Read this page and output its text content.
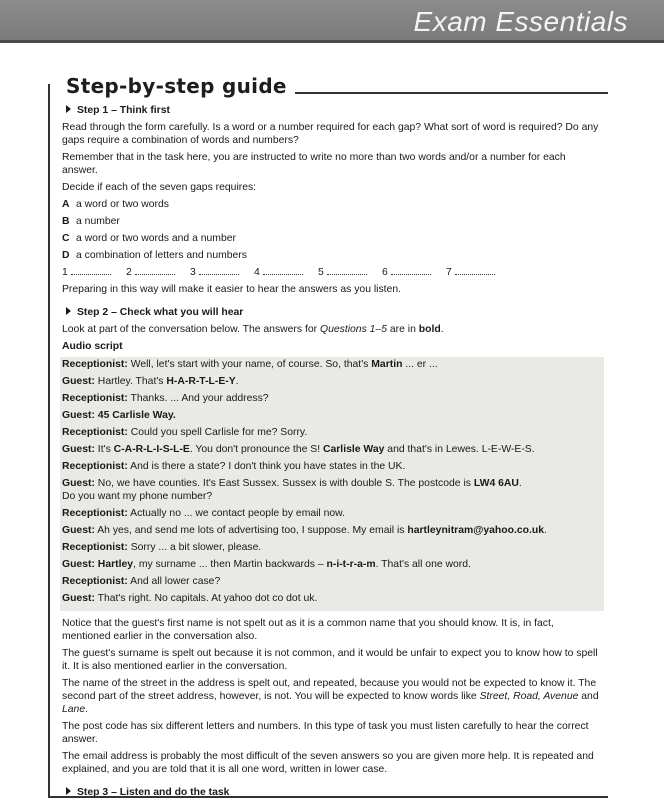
Exam Essentials
Step-by-step guide

Step 1 – Think first

Read through the form carefully. Is a word or a number required for each gap? What sort of word is required? Do any gaps require a combination of words and numbers?

Remember that in the task here, you are instructed to write no more than two words and/or a number for each answer.

Decide if each of the seven gaps requires:

A a word or two words
B a number
C a word or two words and a number
D a combination of letters and numbers
1	2	3	4	5	6	7

Preparing in this way will make it easier to hear the answers as you listen.

Step 2 – Check what you will hear

Look at part of the conversation below. The answers for Questions 1–5 are in bold.

Audio script

Receptionist: Well, let's start with your name, of course. So, that's Martin ... er ...

Guest: Hartley. That's H-A-R-T-L-E-Y.

Receptionist: Thanks. ... And your address?

Guest: 45 Carlisle Way.

Receptionist: Could you spell Carlisle for me? Sorry.

Guest: It's C-A-R-L-I-S-L-E. You don't pronounce the S! Carlisle Way and that's in Lewes. L-E-W-E-S.

Receptionist: And is there a state? I don't think you have states in the UK.

Guest: No, we have counties. It's East Sussex. Sussex is with double S. The postcode is LW4 6AU.
Do you want my phone number?

Receptionist: Actually no ... we contact people by email now.

Guest: Ah yes, and send me lots of advertising too, I suppose. My email is hartleynitram@yahoo.co.uk.

Receptionist: Sorry ... a bit slower, please.

Guest: Hartley, my surname ... then Martin backwards – n-i-t-r-a-m. That's all one word.

Receptionist: And all lower case?

Guest: That's right. No capitals. At yahoo dot co dot uk.

Notice that the guest's first name is not spelt out as it is a common name that you should know. It is, in fact, mentioned earlier in the conversation also.

The guest's surname is spelt out because it is not common, and it would be unfair to expect you to know how to spell it. It is also mentioned earlier in the conversation.

The name of the street in the address is spelt out, and repeated, because you would not be expected to know it. The second part of the street address, however, is not. You will be expected to know words like Street, Road, Avenue and Lane.

The post code has six different letters and numbers. In this type of task you must listen carefully to hear the correct answer.

The email address is probably the most difficult of the seven answers so you are given more help. It is repeated and explained, and you are told that it is all one word, written in lower case.

Step 3 – Listen and do the task
